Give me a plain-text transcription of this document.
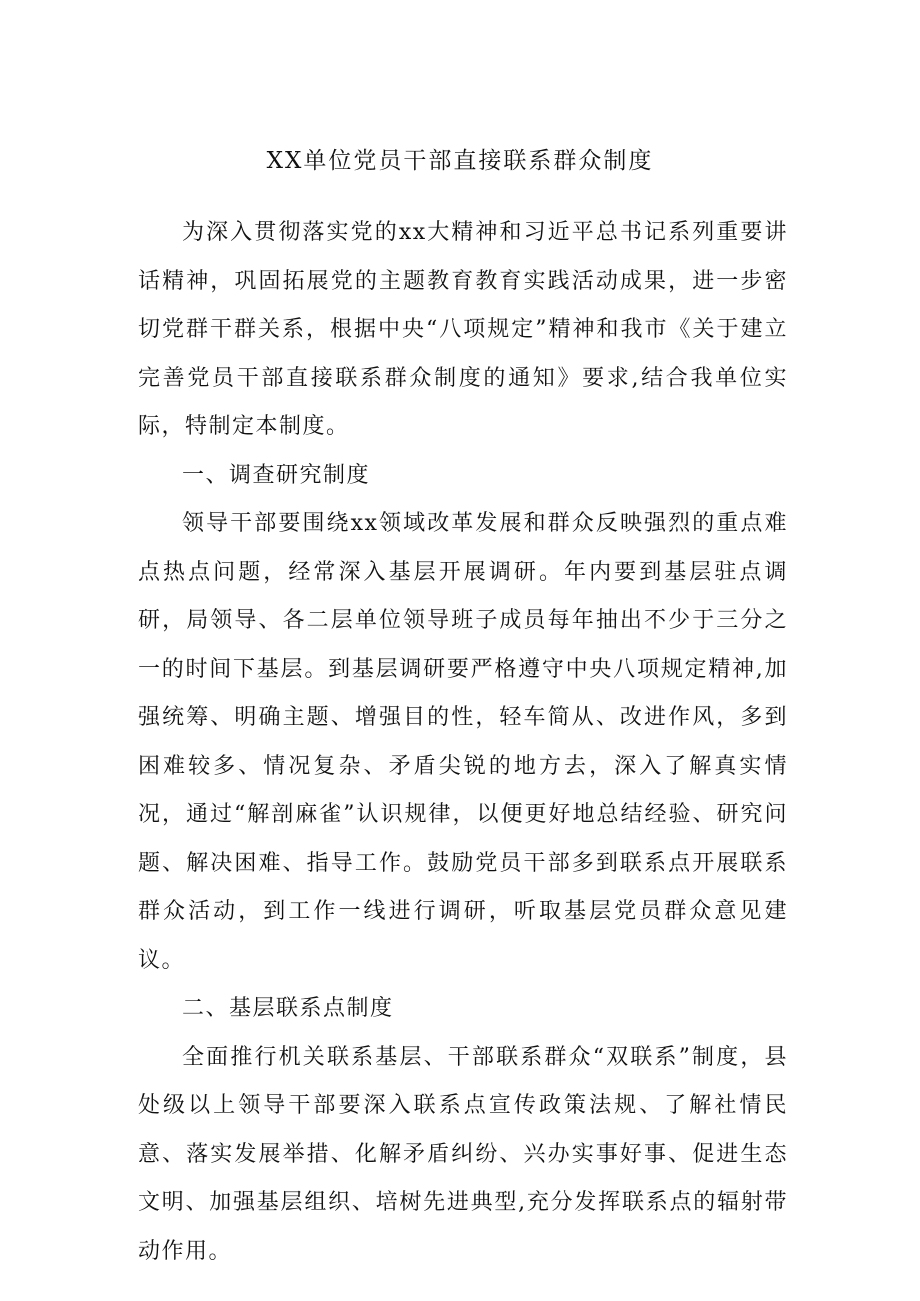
XX单位党员干部直接联系群众制度

为深入贯彻落实党的xx大精神和习近平总书记系列重要讲话精神，巩固拓展党的主题教育教育实践活动成果，进一步密切党群干群关系，根据中央“八项规定”精神和我市《关于建立完善党员干部直接联系群众制度的通知》要求,结合我单位实际，特制定本制度。

一、调查研究制度

领导干部要围绕xx领域改革发展和群众反映强烈的重点难点热点问题，经常深入基层开展调研。年内要到基层驻点调研，局领导、各二层单位领导班子成员每年抽出不少于三分之一的时间下基层。到基层调研要严格遵守中央八项规定精神,加强统筹、明确主题、增强目的性，轻车简从、改进作风，多到困难较多、情况复杂、矛盾尖锐的地方去，深入了解真实情况，通过“解剖麻雀”认识规律，以便更好地总结经验、研究问题、解决困难、指导工作。鼓励党员干部多到联系点开展联系群众活动，到工作一线进行调研，听取基层党员群众意见建议。

二、基层联系点制度

全面推行机关联系基层、干部联系群众“双联系”制度，县处级以上领导干部要深入联系点宣传政策法规、了解社情民意、落实发展举措、化解矛盾纠纷、兴办实事好事、促进生态文明、加强基层组织、培树先进典型,充分发挥联系点的辐射带动作用。
